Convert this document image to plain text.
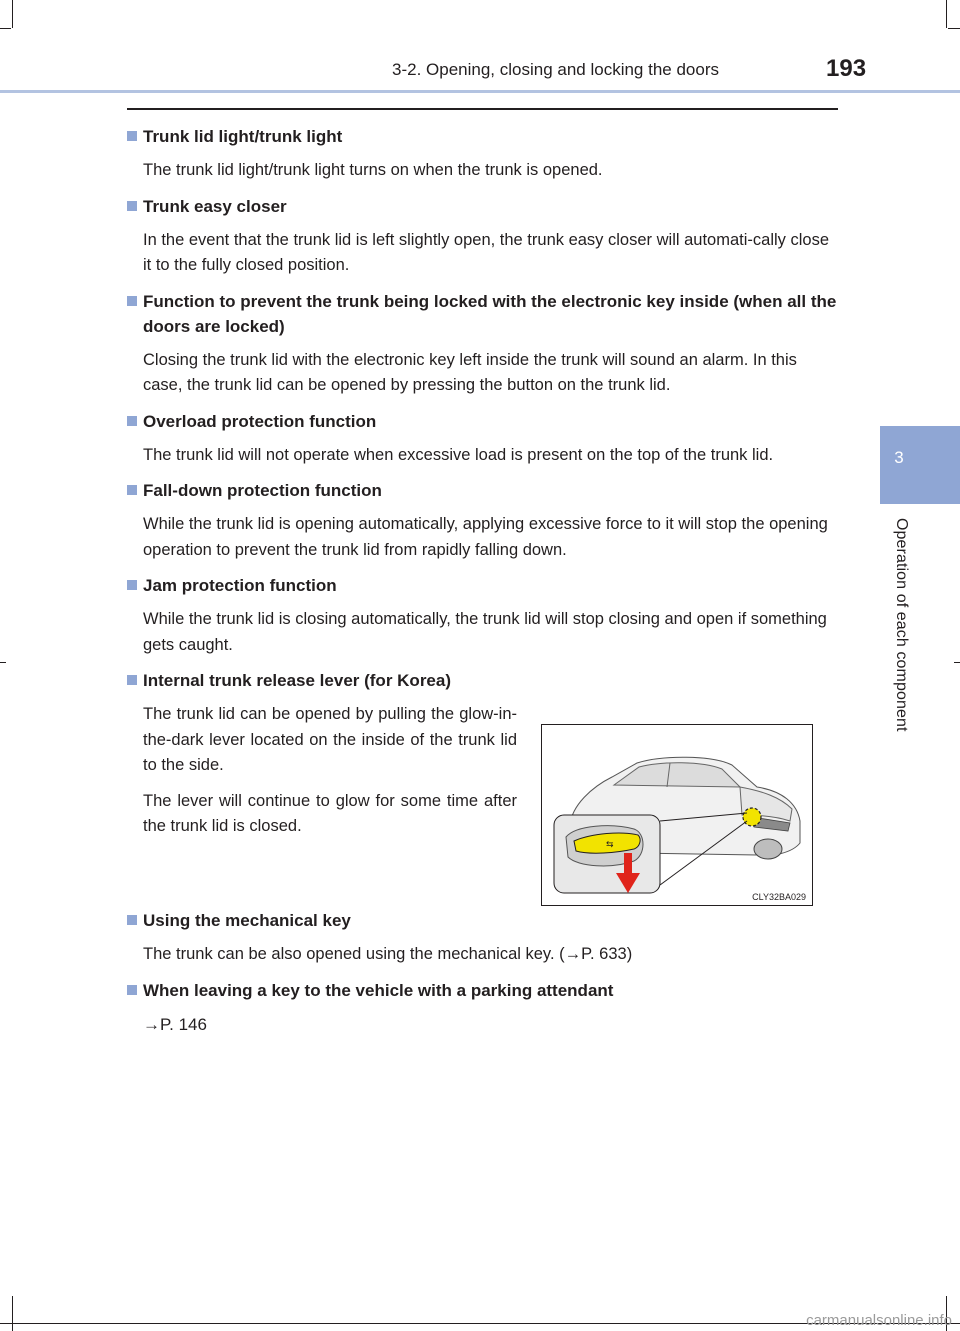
3-2. Opening, closing and locking the doors	193
3
Operation of each component
Trunk lid light/trunk light

The trunk lid light/trunk light turns on when the trunk is opened.

Trunk easy closer

In the event that the trunk lid is left slightly open, the trunk easy closer will automati-cally close it to the fully closed position.

Function to prevent the trunk being locked with the electronic key inside (when all the doors are locked)

Closing the trunk lid with the electronic key left inside the trunk will sound an alarm. In this case, the trunk lid can be opened by pressing the button on the trunk lid.

Overload protection function

The trunk lid will not operate when excessive load is present on the top of the trunk lid.

Fall-down protection function

While the trunk lid is opening automatically, applying excessive force to it will stop the opening operation to prevent the trunk lid from rapidly falling down.

Jam protection function

While the trunk lid is closing automatically, the trunk lid will stop closing and open if something gets caught.

Internal trunk release lever (for Korea)

The trunk lid can be opened by pulling the glow-in-the-dark lever located on the inside of the trunk lid to the side.

The lever will continue to glow for some time after the trunk lid is closed.

Using the mechanical key

The trunk can be also opened using the mechanical key. (→P. 633)

When leaving a key to the vehicle with a parking attendant

→P. 146

⇆
CLY32BA029
carmanualsonline.info
